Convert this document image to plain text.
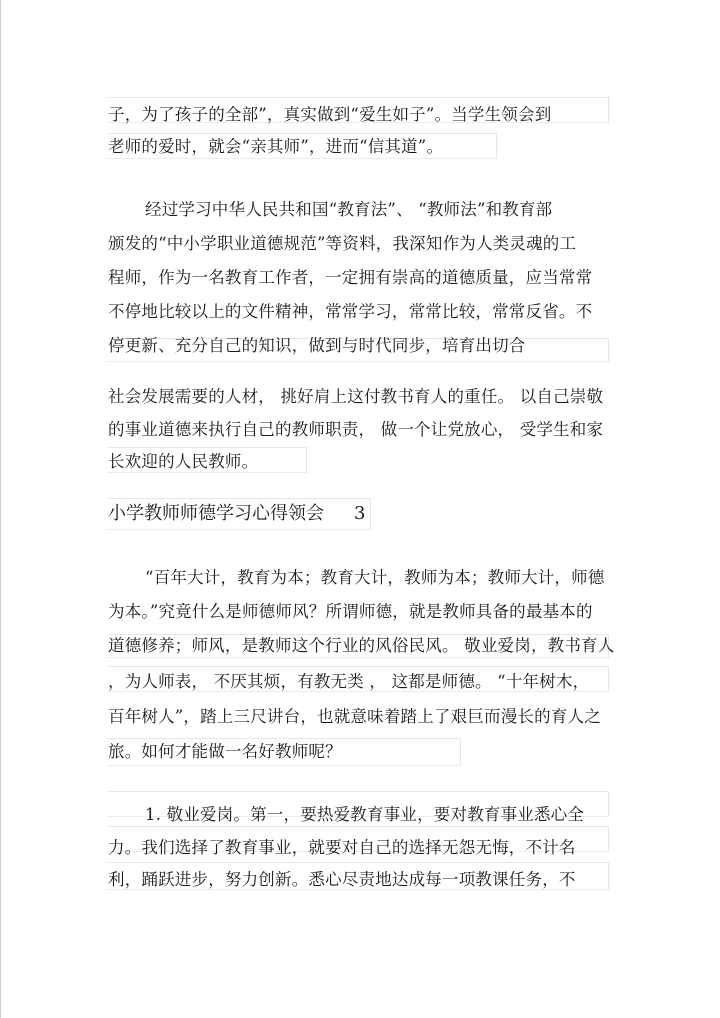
子，为了孩子的全部”，真实做到“爱生如子”。当学生领会到
老师的爱时，就会“亲其师”，进而“信其道”。
经过学习中华人民共和国“教育法”、 “教师法”和教育部
颁发的“中小学职业道德规范”等资料，我深知作为人类灵魂的工
程师，作为一名教育工作者，一定拥有崇高的道德质量，应当常常
不停地比较以上的文件精神，常常学习，常常比较，常常反省。不
停更新、充分自己的知识，做到与时代同步，培育出切合
社会发展需要的人材， 挑好肩上这付教书育人的重任。 以自己崇敬
的事业道德来执行自己的教师职责， 做一个让党放心， 受学生和家
长欢迎的人民教师。
小学教师师德学习心得领会 3
“百年大计，教育为本；教育大计，教师为本；教师大计，师德
为本。”究竟什么是师德师风？所谓师德，就是教师具备的最基本的
道德修养；师风，是教师这个行业的风俗民风。 敬业爱岗，教书育人
，为人师表， 不厌其烦，有教无类 ， 这都是师德。 “十年树木，
百年树人”，踏上三尺讲台，也就意味着踏上了艰巨而漫长的育人之
旅。如何才能做一名好教师呢？
1. 敬业爱岗。第一，要热爱教育事业，要对教育事业悉心全
力。我们选择了教育事业，就要对自己的选择无怨无悔，不计名
利，踊跃进步，努力创新。悉心尽责地达成每一项教课任务，不
